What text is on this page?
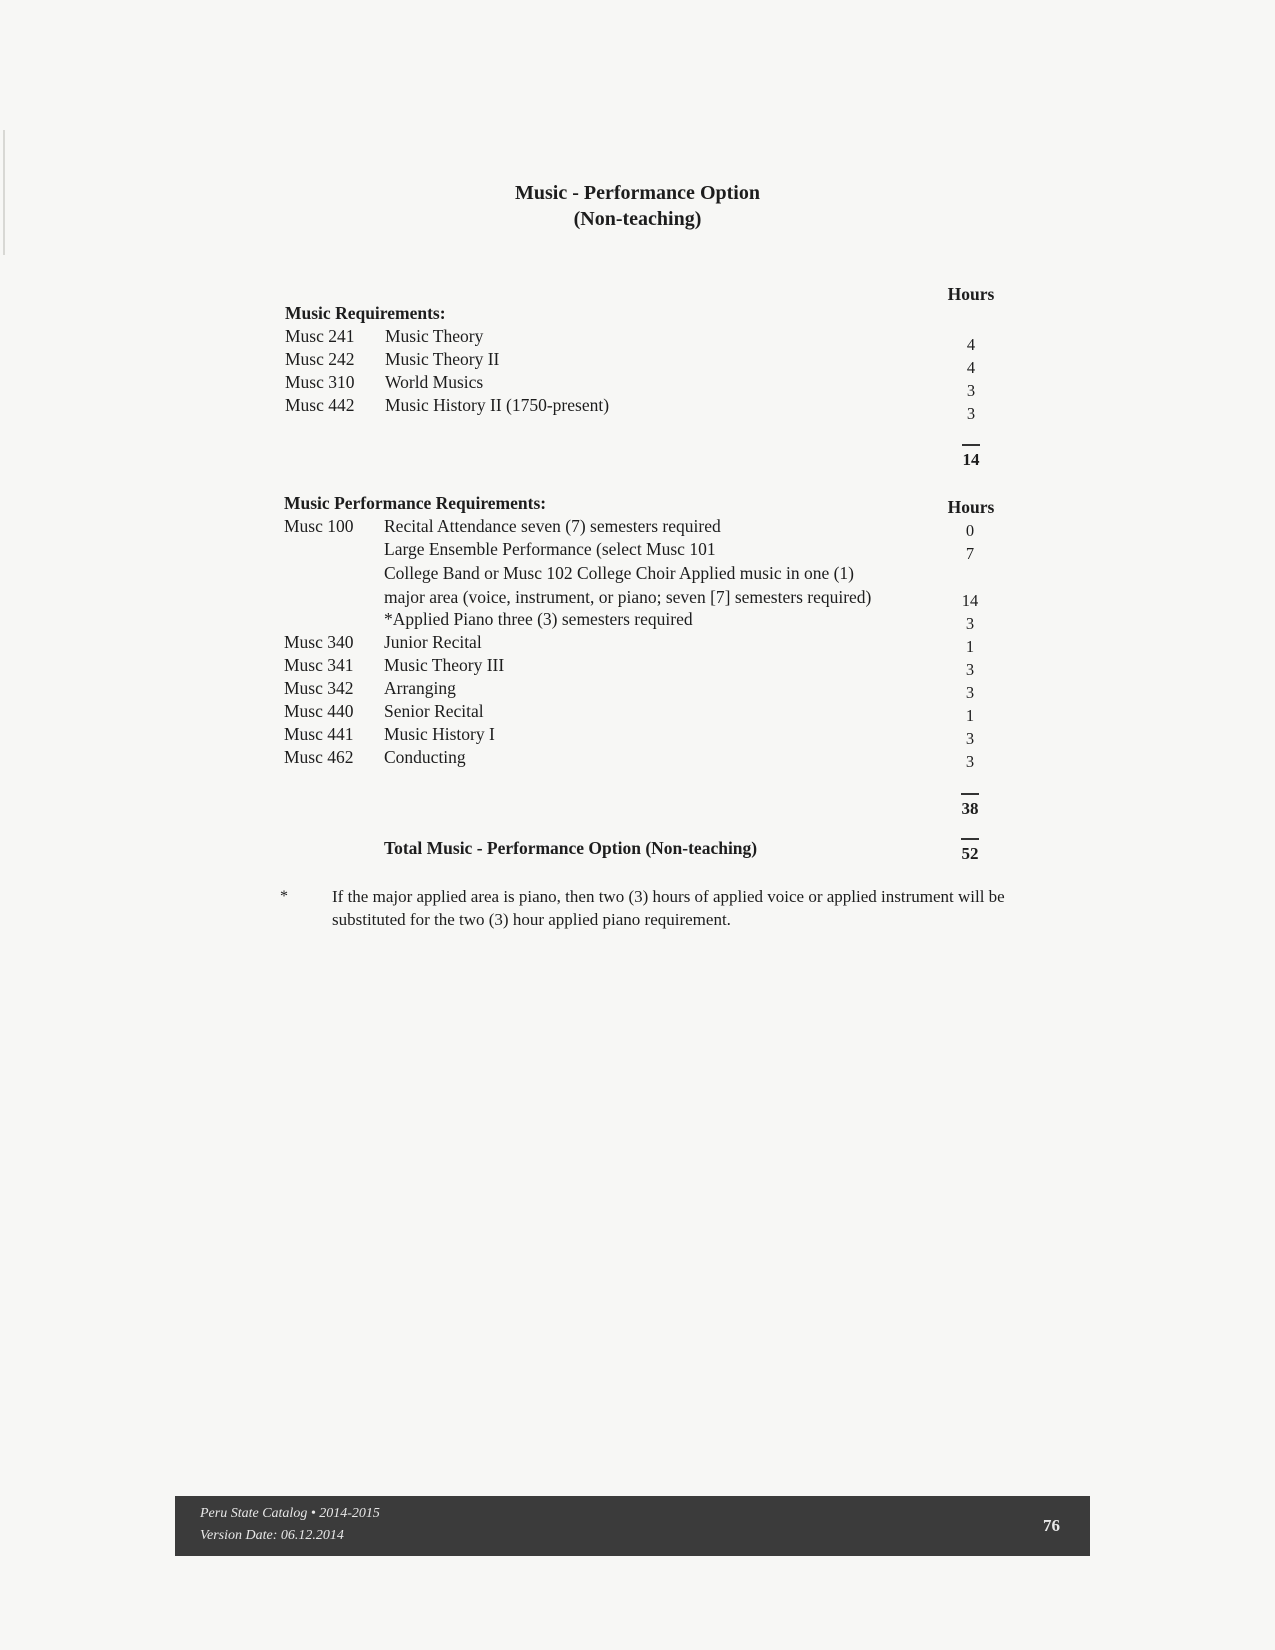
Music - Performance Option
(Non-teaching)
Hours
Music Requirements:
Musc 241	Music Theory	4
Musc 242	Music Theory II	4
Musc 310	World Musics	3
Musc 442	Music History II (1750-present)	3
14
Music Performance Requirements:	Hours
Musc 100	Recital Attendance seven (7) semesters required	0
Large Ensemble Performance (select Musc 101	7
College Band or Musc 102 College Choir Applied music in one (1)
major area (voice, instrument, or piano; seven [7] semesters required)	14
*Applied Piano three (3) semesters required	3
Musc 340	Junior Recital	1
Musc 341	Music Theory III	3
Musc 342	Arranging	3
Musc 440	Senior Recital	1
Musc 441	Music History I	3
Musc 462	Conducting	3
38
Total Music - Performance Option (Non-teaching)	52
*	If the major applied area is piano, then two (3) hours of applied voice or applied instrument will be substituted for the two (3) hour applied piano requirement.
Peru State Catalog • 2014-2015
Version Date: 06.12.2014
76
